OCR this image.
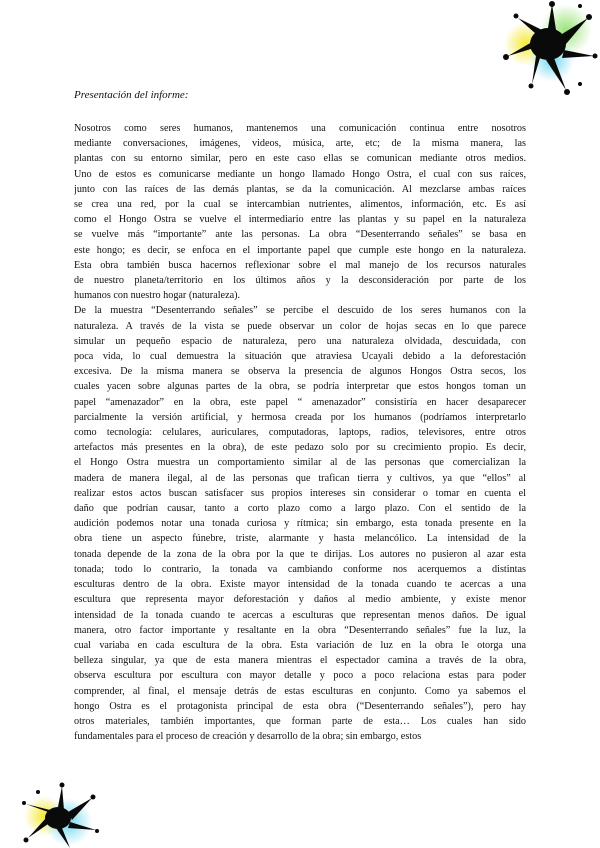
Presentación del informe:
Nosotros como seres humanos, mantenemos una comunicación continua entre nosotros
mediante conversaciones, imágenes, videos, música, arte, etc; de la misma manera, las
plantas con su entorno similar, pero en este caso ellas se comunican mediante otros medios.
Uno de estos es comunicarse mediante un hongo llamado Hongo Ostra, el cual con sus raíces,
junto con las raíces de las demás plantas, se da la comunicación. Al mezclarse ambas raíces
se crea una red, por la cual se intercambian nutrientes, alimentos, información, etc. Es así
como el Hongo Ostra se vuelve el intermediario entre las plantas y su papel en la naturaleza
se vuelve más “importante” ante las personas. La obra “Desenterrando señales” se basa en
este hongo; es decir, se enfoca en el importante papel que cumple este hongo en la naturaleza.
Esta obra también busca hacernos reflexionar sobre el mal manejo de los recursos naturales
de nuestro planeta/territorio en los últimos años y la desconsideración por parte de los
humanos con nuestro hogar (naturaleza).
De la muestra “Desenterrando señales” se percibe el descuido de los seres humanos con la
naturaleza. A través de la vista se puede observar un color de hojas secas en lo que parece
simular un pequeño espacio de naturaleza, pero una naturaleza olvidada, descuidada, con
poca vida, lo cual demuestra la situación que atraviesa Ucayali debido a la deforestación
excesiva. De la misma manera se observa la presencia de algunos Hongos Ostra secos, los
cuales yacen sobre algunas partes de la obra, se podría interpretar que estos hongos toman un
papel “amenazador” en la obra, este papel “ amenazador” consistiría en hacer desaparecer
parcialmente la versión artificial, y hermosa creada por los humanos (podríamos interpretarlo
como tecnología: celulares, auriculares, computadoras, laptops, radios, televisores, entre otros
artefactos más presentes en la obra), de este pedazo solo por su crecimiento propio. Es decir,
el Hongo Ostra muestra un comportamiento similar al de las personas que comercializan la
madera de manera ilegal, al de las personas que trafican tierra y cultivos, ya que “ellos” al
realizar estos actos buscan satisfacer sus propios intereses sin considerar o tomar en cuenta el
daño que podrían causar, tanto a corto plazo como a largo plazo. Con el sentido de la
audición podemos notar una tonada curiosa y rítmica; sin embargo, esta tonada presente en la
obra tiene un aspecto fúnebre, triste, alarmante y hasta melancólico. La intensidad de la
tonada depende de la zona de la obra por la que te dirijas. Los autores no pusieron al azar esta
tonada; todo lo contrario, la tonada va cambiando conforme nos acerquemos a distintas
esculturas dentro de la obra. Existe mayor intensidad de la tonada cuando te acercas a una
escultura que representa mayor deforestación y daños al medio ambiente, y existe menor
intensidad de la tonada cuando te acercas a esculturas que representan menos daños. De igual
manera, otro factor importante y resaltante en la obra “Desenterrando señales” fue la luz, la
cual variaba en cada escultura de la obra. Esta variación de luz en la obra le otorga una
belleza singular, ya que de esta manera mientras el espectador camina a través de la obra,
observa escultura por escultura con mayor detalle y poco a poco relaciona estas para poder
comprender, al final, el mensaje detrás de estas esculturas en conjunto. Como ya sabemos el
hongo Ostra es el protagonista principal de esta obra (“Desenterrando señales”), pero hay
otros materiales, también importantes, que forman parte de esta… Los cuales han sido
fundamentales para el proceso de creación y desarrollo de la obra; sin embargo, estos
